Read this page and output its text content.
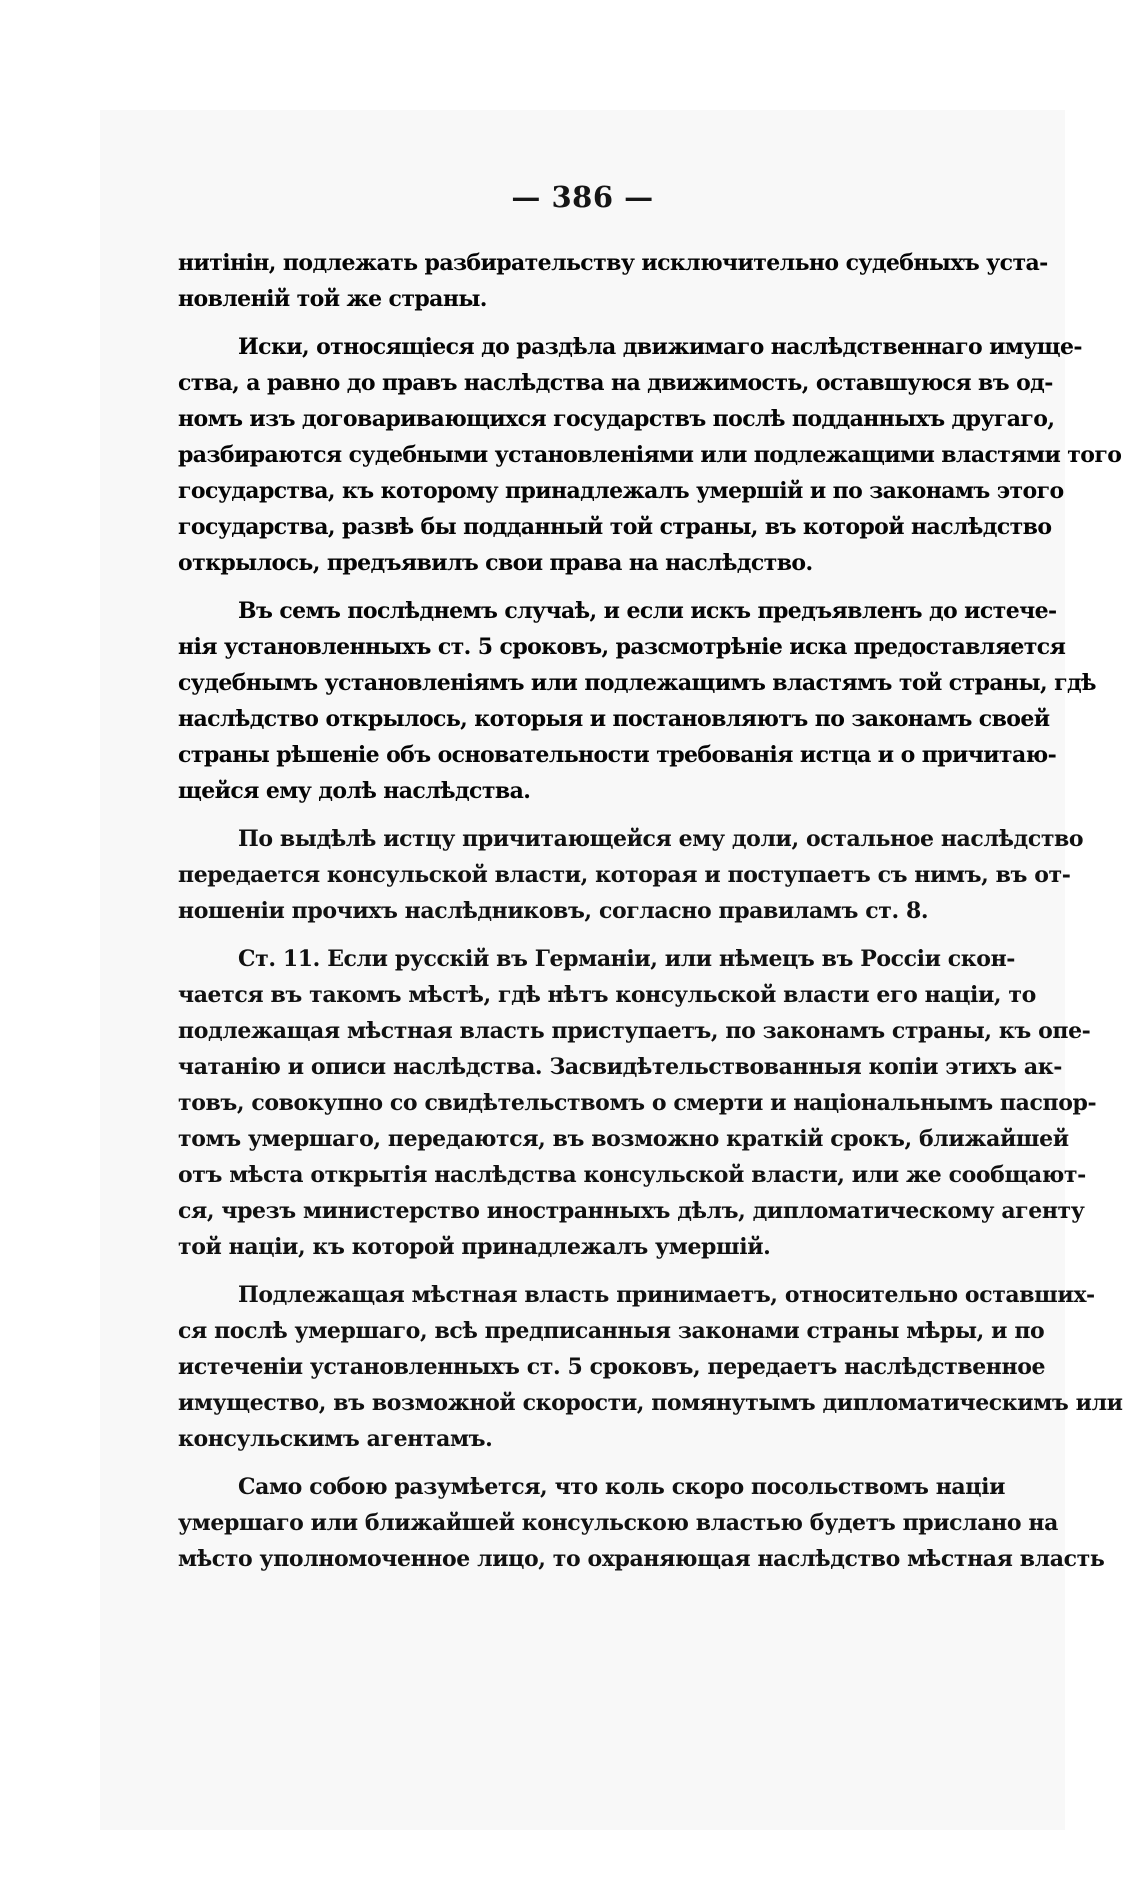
— 386 —
нитінін, подлежать разбирательству исключительно судебныхъ уста-
новленій той же страны.
Иски, относящіеся до раздѣла движимаго наслѣдственнаго имуще-
ства, а равно до правъ наслѣдства на движимость, оставшуюся въ од-
номъ изъ договаривающихся государствъ послѣ подданныхъ другаго,
разбираются судебными установленіями или подлежащими властями того
государства, къ которому принадлежалъ умершій и по законамъ этого
государства, развѣ бы подданный той страны, въ которой наслѣдство
открылось, предъявилъ свои права на наслѣдство.
Въ семъ послѣднемъ случаѣ, и если искъ предъявленъ до истече-
нія установленныхъ ст. 5 сроковъ, разсмотрѣніе иска предоставляется
судебнымъ установленіямъ или подлежащимъ властямъ той страны, гдѣ
наслѣдство открылось, которыя и постановляютъ по законамъ своей
страны рѣшеніе объ основательности требованія истца и о причитаю-
щейся ему долѣ наслѣдства.
По выдѣлѣ истцу причитающейся ему доли, остальное наслѣдство
передается консульской власти, которая и поступаетъ съ нимъ, въ от-
ношеніи прочихъ наслѣдниковъ, согласно правиламъ ст. 8.
Ст. 11. Если русскій въ Германіи, или нѣмецъ въ Россіи скон-
чается въ такомъ мѣстѣ, гдѣ нѣтъ консульской власти его націи, то
подлежащая мѣстная власть приступаетъ, по законамъ страны, къ опе-
чатанію и описи наслѣдства. Засвидѣтельствованныя копіи этихъ ак-
товъ, совокупно со свидѣтельствомъ о смерти и національнымъ паспор-
томъ умершаго, передаются, въ возможно краткій срокъ, ближайшей
отъ мѣста открытія наслѣдства консульской власти, или же сообщают-
ся, чрезъ министерство иностранныхъ дѣлъ, дипломатическому агенту
той націи, къ которой принадлежалъ умершій.
Подлежащая мѣстная власть принимаетъ, относительно оставших-
ся послѣ умершаго, всѣ предписанныя законами страны мѣры, и по
истеченіи установленныхъ ст. 5 сроковъ, передаетъ наслѣдственное
имущество, въ возможной скорости, помянутымъ дипломатическимъ или
консульскимъ агентамъ.
Само собою разумѣется, что коль скоро посольствомъ націи
умершаго или ближайшей консульскою властью будетъ прислано на
мѣсто уполномоченное лицо, то охраняющая наслѣдство мѣстная власть
